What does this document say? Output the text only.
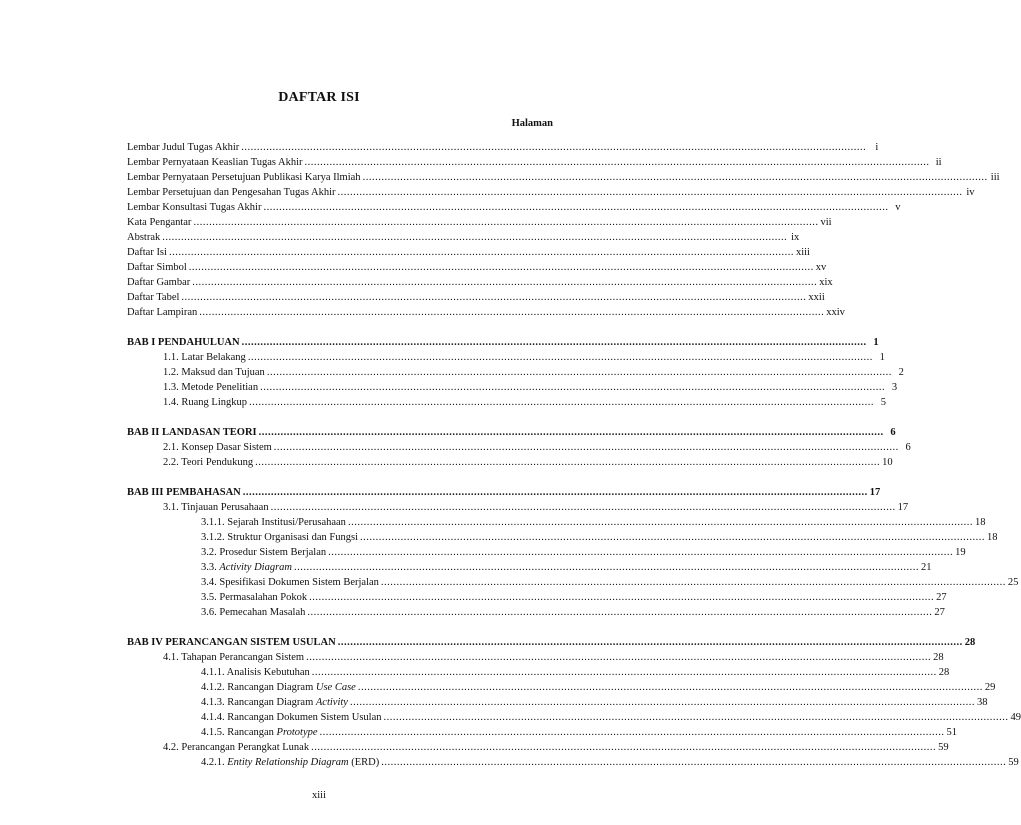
DAFTAR ISI
Halaman
Lembar Judul Tugas Akhir ........................................................................................................................................................................................................ i
Lembar Pernyataan Keaslian Tugas Akhir ........................................................................................................................................................................................................ ii
Lembar Pernyataan Persetujuan Publikasi Karya Ilmiah ........................................................................................................................................................................................................ iii
Lembar Persetujuan dan Pengesahan Tugas Akhir ........................................................................................................................................................................................................ iv
Lembar Konsultasi Tugas Akhir ........................................................................................................................................................................................................ v
Kata Pengantar ........................................................................................................................................................................................................ vii
Abstrak ........................................................................................................................................................................................................ ix
Daftar Isi ........................................................................................................................................................................................................ xiii
Daftar Simbol ........................................................................................................................................................................................................ xv
Daftar Gambar ........................................................................................................................................................................................................ xix
Daftar Tabel ........................................................................................................................................................................................................ xxii
Daftar Lampiran ........................................................................................................................................................................................................ xxiv
BAB I PENDAHULUAN ........................................................................................................................................................................................................ 1
1.1. Latar Belakang ........................................................................................................................................................................................................ 1
1.2. Maksud dan Tujuan ........................................................................................................................................................................................................ 2
1.3. Metode Penelitian ........................................................................................................................................................................................................ 3
1.4. Ruang Lingkup ........................................................................................................................................................................................................ 5
BAB II LANDASAN TEORI ........................................................................................................................................................................................................ 6
2.1. Konsep Dasar Sistem ........................................................................................................................................................................................................ 6
2.2. Teori Pendukung ........................................................................................................................................................................................................ 10
BAB III PEMBAHASAN ........................................................................................................................................................................................................ 17
3.1. Tinjauan Perusahaan ........................................................................................................................................................................................................ 17
3.1.1. Sejarah Institusi/Perusahaan ........................................................................................................................................................................................................ 18
3.1.2. Struktur Organisasi dan Fungsi ........................................................................................................................................................................................................ 18
3.2. Prosedur Sistem Berjalan ........................................................................................................................................................................................................ 19
3.3. Activity Diagram ........................................................................................................................................................................................................ 21
3.4. Spesifikasi Dokumen Sistem Berjalan ........................................................................................................................................................................................................ 25
3.5. Permasalahan Pokok ........................................................................................................................................................................................................ 27
3.6. Pemecahan Masalah ........................................................................................................................................................................................................ 27
BAB IV PERANCANGAN SISTEM USULAN ........................................................................................................................................................................................................ 28
4.1. Tahapan Perancangan Sistem ........................................................................................................................................................................................................ 28
4.1.1. Analisis Kebutuhan ........................................................................................................................................................................................................ 28
4.1.2. Rancangan Diagram Use Case ........................................................................................................................................................................................................ 29
4.1.3. Rancangan Diagram Activity ........................................................................................................................................................................................................ 38
4.1.4. Rancangan Dokumen Sistem Usulan ........................................................................................................................................................................................................ 49
4.1.5. Rancangan Prototype ........................................................................................................................................................................................................ 51
4.2. Perancangan Perangkat Lunak ........................................................................................................................................................................................................ 59
4.2.1. Entity Relationship Diagram (ERD) ........................................................................................................................................................................................................ 59
xiii
